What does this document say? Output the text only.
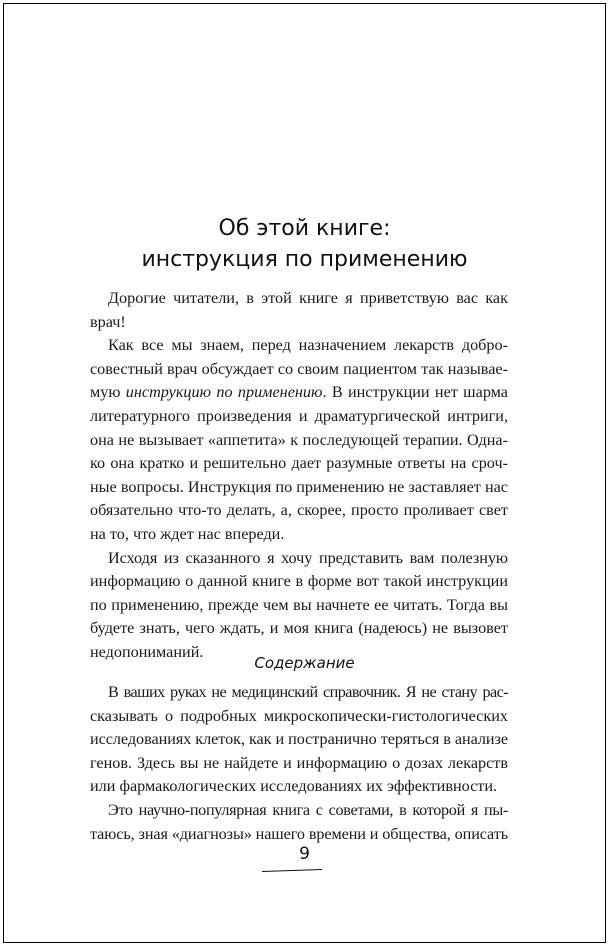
Об этой книге:
инструкция по применению
Дорогие читатели, в этой книге я приветствую вас как
врач!
Как все мы знаем, перед назначением лекарств добро-
совестный врач обсуждает со своим пациентом так называе-
мую инструкцию по применению. В инструкции нет шарма
литературного произведения и драматургической интриги,
она не вызывает «аппетита» к последующей терапии. Одна-
ко она кратко и решительно дает разумные ответы на сроч-
ные вопросы. Инструкция по применению не заставляет нас
обязательно что-то делать, а, скорее, просто проливает свет
на то, что ждет нас впереди.
Исходя из сказанного я хочу представить вам полезную
информацию о данной книге в форме вот такой инструкции
по применению, прежде чем вы начнете ее читать. Тогда вы
будете знать, чего ждать, и моя книга (надеюсь) не вызовет
недопониманий.
Содержание
В ваших руках не медицинский справочник. Я не стану рас-
сказывать о подробных микроскопически-гистологических
исследованиях клеток, как и постранично теряться в анализе
генов. Здесь вы не найдете и информацию о дозах лекарств
или фармакологических исследованиях их эффективности.
Это научно-популярная книга с советами, в которой я пы-
таюсь, зная «диагнозы» нашего времени и общества, описать
9
